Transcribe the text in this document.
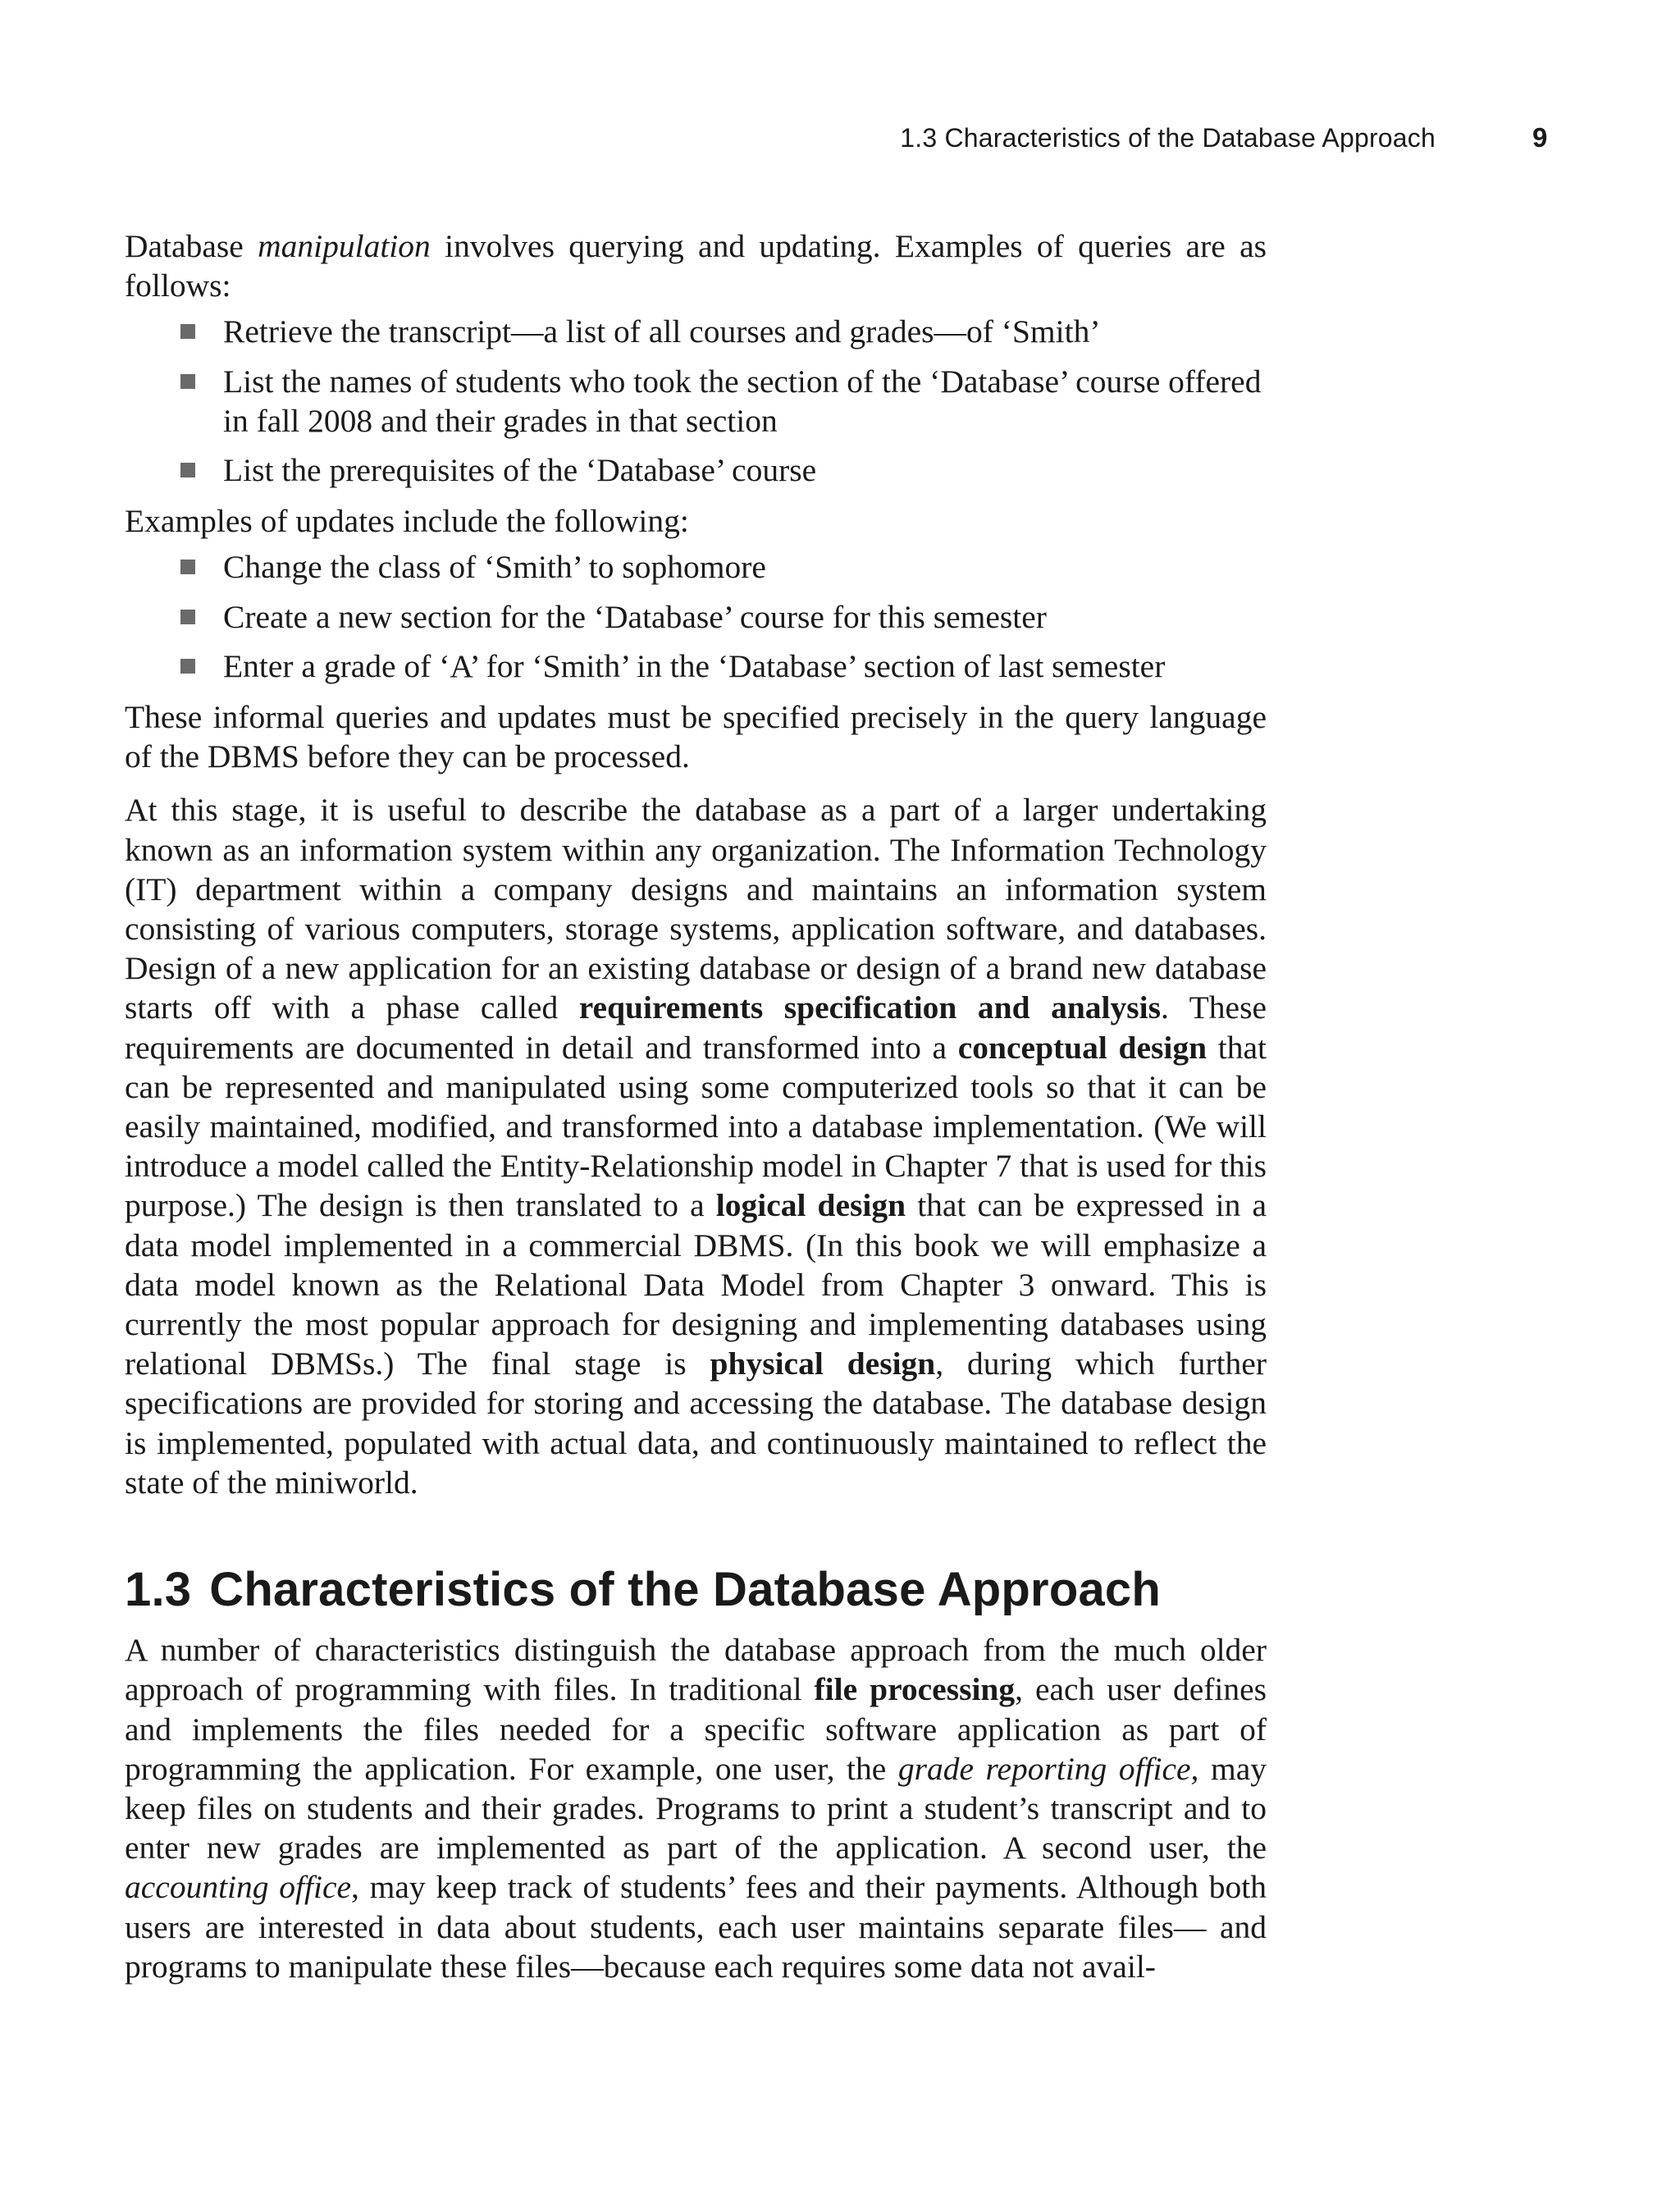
1.3 Characteristics of the Database Approach	9

Database manipulation involves querying and updating. Examples of queries are as follows:

Retrieve the transcript—a list of all courses and grades—of ‘Smith’
List the names of students who took the section of the ‘Database’ course offered in fall 2008 and their grades in that section
List the prerequisites of the ‘Database’ course

Examples of updates include the following:

Change the class of ‘Smith’ to sophomore
Create a new section for the ‘Database’ course for this semester
Enter a grade of ‘A’ for ‘Smith’ in the ‘Database’ section of last semester

These informal queries and updates must be specified precisely in the query language of the DBMS before they can be processed.

At this stage, it is useful to describe the database as a part of a larger undertaking known as an information system within any organization. The Information Technology (IT) department within a company designs and maintains an information system consisting of various computers, storage systems, application software, and databases. Design of a new application for an existing database or design of a brand new database starts off with a phase called requirements specification and analysis. These requirements are documented in detail and transformed into a conceptual design that can be represented and manipulated using some computerized tools so that it can be easily maintained, modified, and transformed into a database implementation. (We will introduce a model called the Entity-Relationship model in Chapter 7 that is used for this purpose.) The design is then translated to a logical design that can be expressed in a data model implemented in a commercial DBMS. (In this book we will emphasize a data model known as the Relational Data Model from Chapter 3 onward. This is currently the most popular approach for designing and implementing databases using relational DBMSs.) The final stage is physical design, during which further specifications are provided for storing and accessing the database. The database design is implemented, populated with actual data, and continuously maintained to reflect the state of the miniworld.

1.3 Characteristics of the Database Approach

A number of characteristics distinguish the database approach from the much older approach of programming with files. In traditional file processing, each user defines and implements the files needed for a specific software application as part of programming the application. For example, one user, the grade reporting office, may keep files on students and their grades. Programs to print a student’s transcript and to enter new grades are implemented as part of the application. A second user, the accounting office, may keep track of students’ fees and their payments. Although both users are interested in data about students, each user maintains separate files— and programs to manipulate these files—because each requires some data not avail-
